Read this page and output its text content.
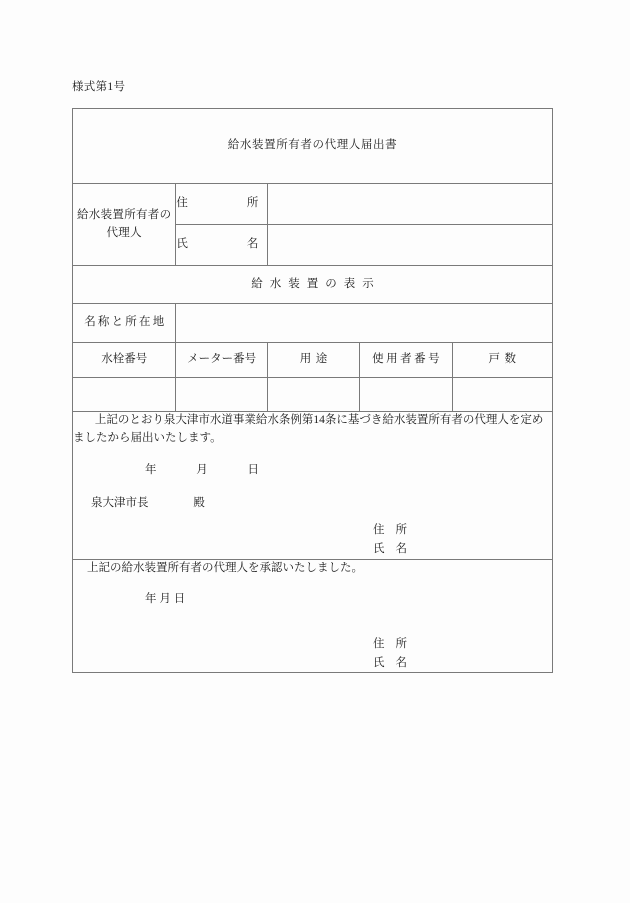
様式第1号
給水装置所有者の代理人届出書				
給水装置所有者の代理人	住 所			

	氏 名			

給水装置の表示				
名称と所在地				
水栓番号	メーター番号	用途	使用者番号	戸数

上記のとおり泉大津市水道事業給水条例第14条に基づき給水装置所有者の代理人を定めましたから届出いたします。

年 月 日

泉大津市長 殿

住所
氏名				

上記の給水装置所有者の代理人を承認いたしました。

年 月 日

住所
氏名				
